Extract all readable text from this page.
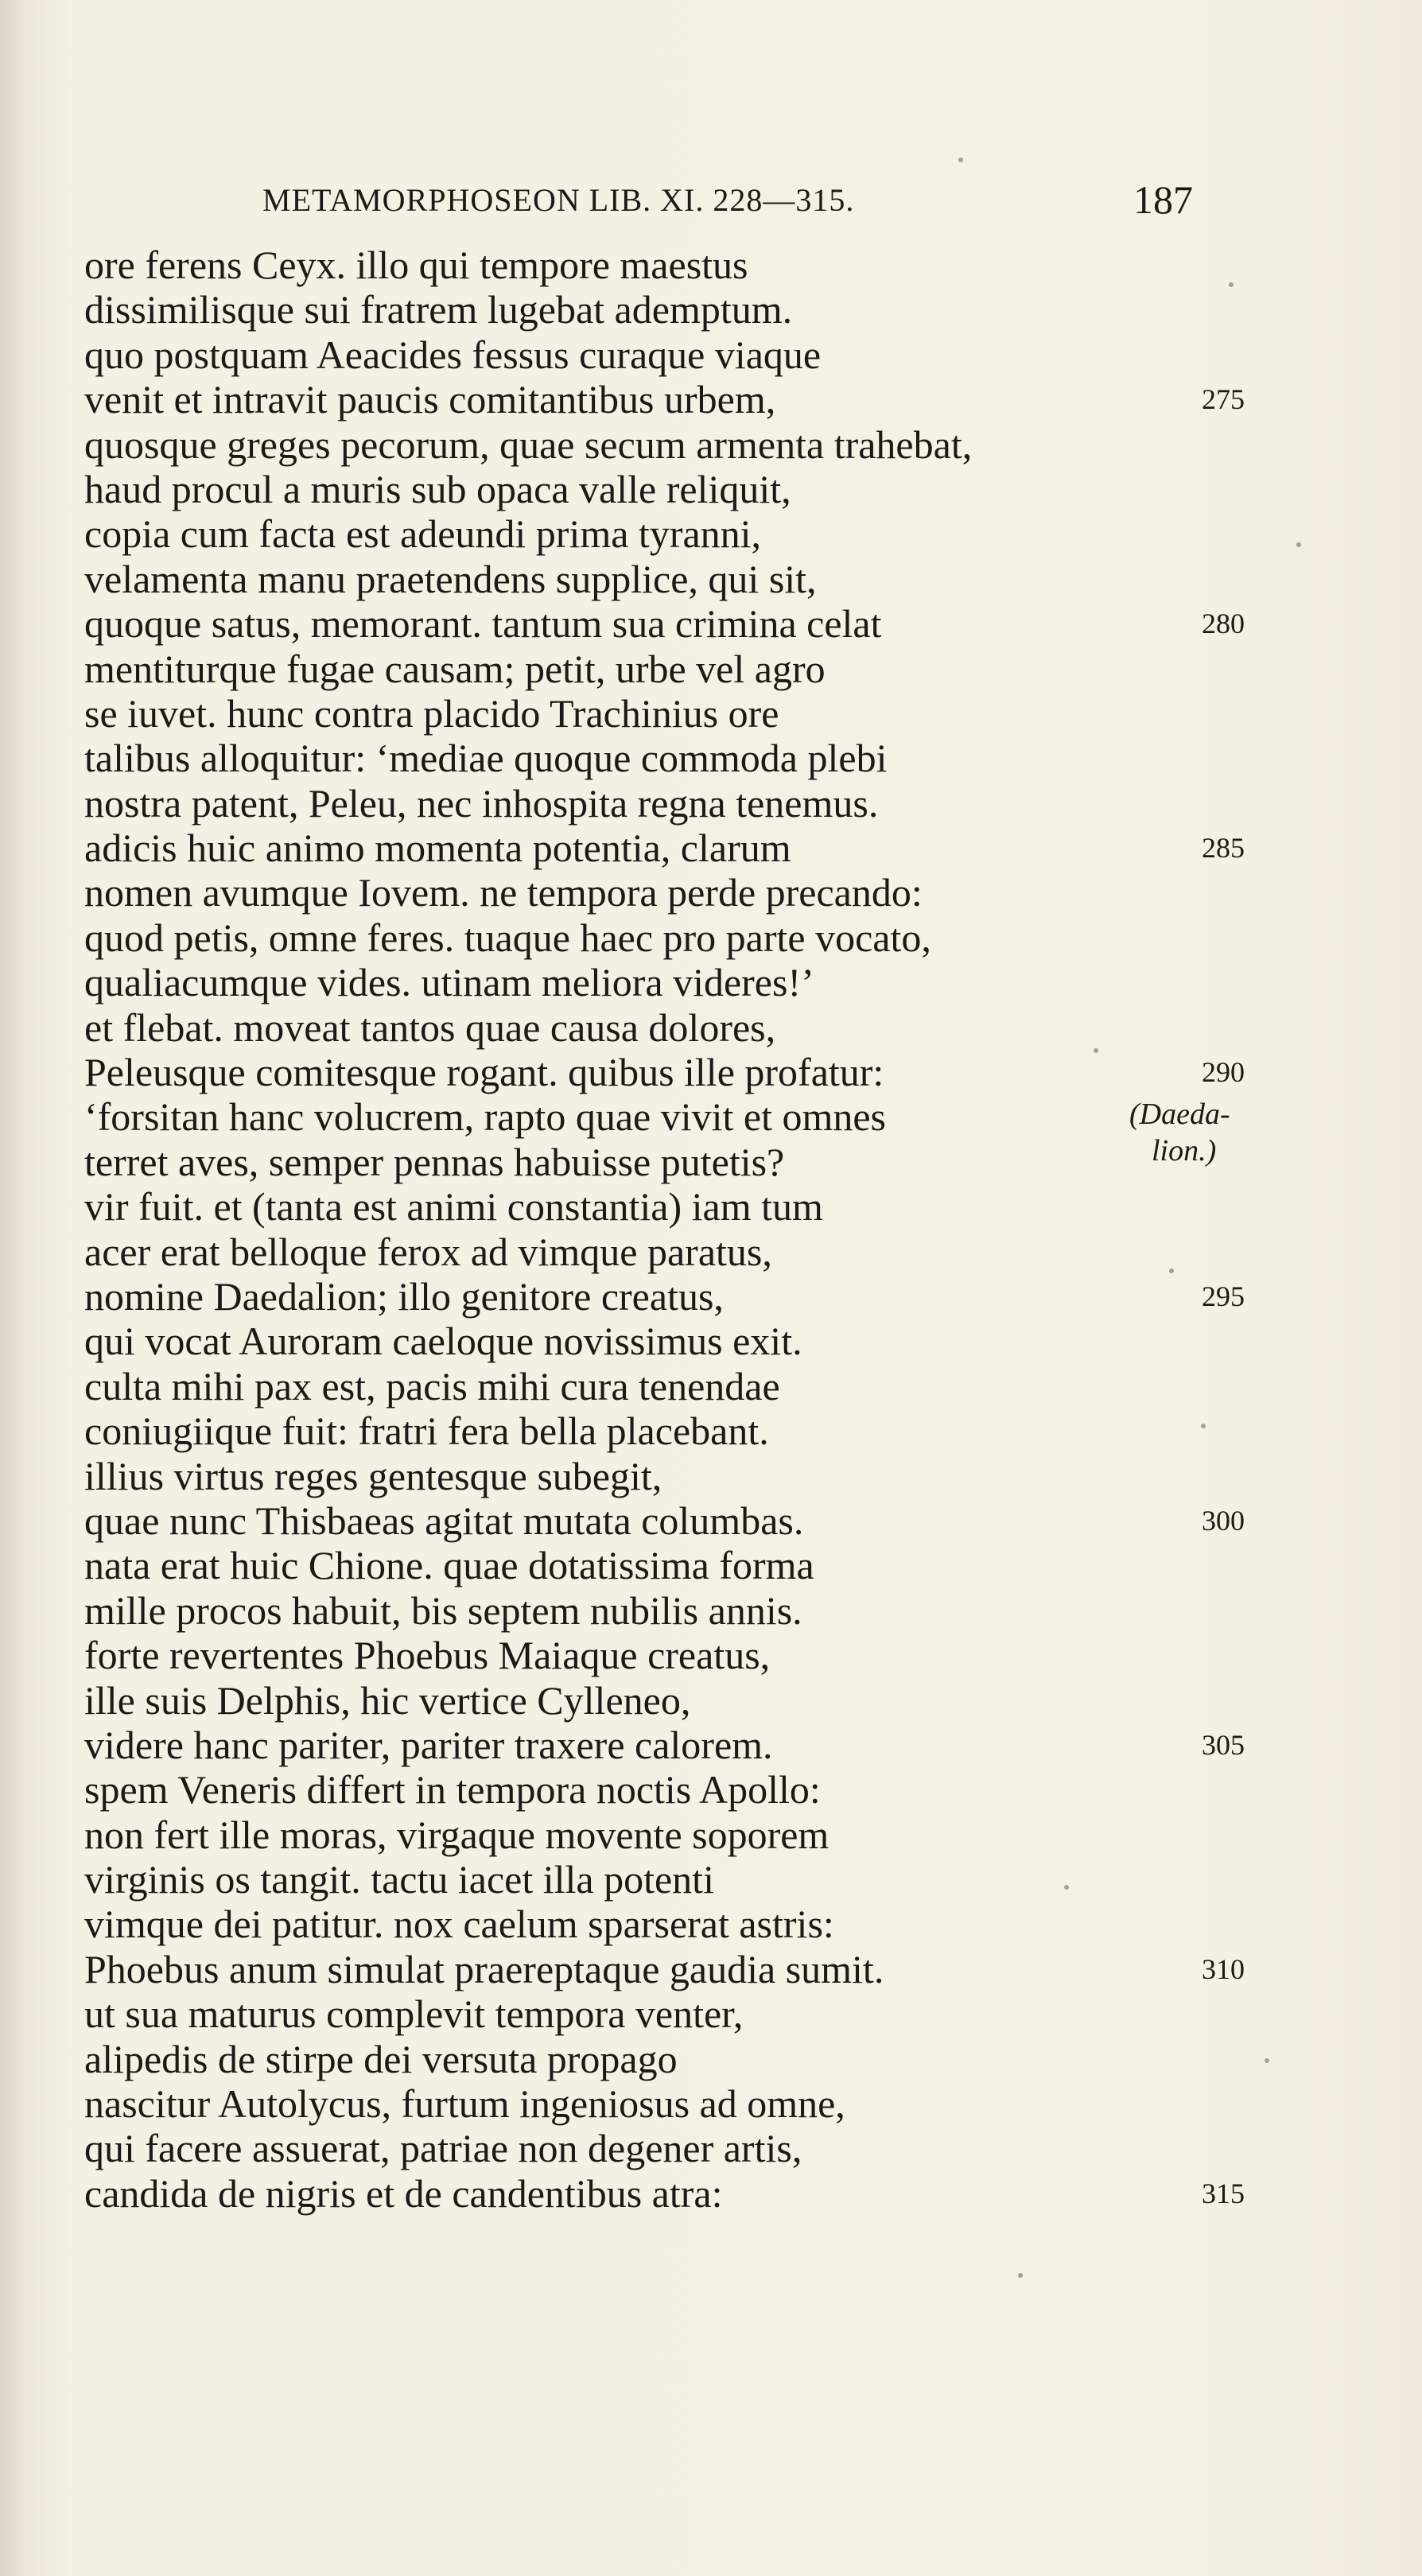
METAMORPHOSEON LIB. XI. 228—315.	187
ore ferens Ceyx. illo qui tempore maestus
dissimilisque sui fratrem lugebat ademptum.
quo postquam Aeacides fessus curaque viaque
venit et intravit paucis comitantibus urbem,	275
quosque greges pecorum, quae secum armenta trahebat,
haud procul a muris sub opaca valle reliquit,
copia cum facta est adeundi prima tyranni,
velamenta manu praetendens supplice, qui sit,
quoque satus, memorant. tantum sua crimina celat	280
mentiturque fugae causam; petit, urbe vel agro
se iuvet. hunc contra placido Trachinius ore
talibus alloquitur: ‘mediae quoque commoda plebi
nostra patent, Peleu, nec inhospita regna tenemus.
adicis huic animo momenta potentia, clarum	285
nomen avumque Iovem. ne tempora perde precando:
quod petis, omne feres. tuaque haec pro parte vocato,
qualiacumque vides. utinam meliora videres!’
et flebat. moveat tantos quae causa dolores,
Peleusque comitesque rogant. quibus ille profatur:	290
‘forsitan hanc volucrem, rapto quae vivit et omnes
terret aves, semper pennas habuisse putetis?
vir fuit. et (tanta est animi constantia) iam tum
acer erat belloque ferox ad vimque paratus,
nomine Daedalion; illo genitore creatus,	295
qui vocat Auroram caeloque novissimus exit.
culta mihi pax est, pacis mihi cura tenendae
coniugiique fuit: fratri fera bella placebant.
illius virtus reges gentesque subegit,
quae nunc Thisbaeas agitat mutata columbas.	300
nata erat huic Chione. quae dotatissima forma
mille procos habuit, bis septem nubilis annis.
forte revertentes Phoebus Maiaque creatus,
ille suis Delphis, hic vertice Cylleneo,
videre hanc pariter, pariter traxere calorem.	305
spem Veneris differt in tempora noctis Apollo:
non fert ille moras, virgaque movente soporem
virginis os tangit. tactu iacet illa potenti
vimque dei patitur. nox caelum sparserat astris:
Phoebus anum simulat praereptaque gaudia sumit.	310
ut sua maturus complevit tempora venter,
alipedis de stirpe dei versuta propago
nascitur Autolycus, furtum ingeniosus ad omne,
qui facere assuerat, patriae non degener artis,
candida de nigris et de candentibus atra:	315
(Daeda-
lion.)
